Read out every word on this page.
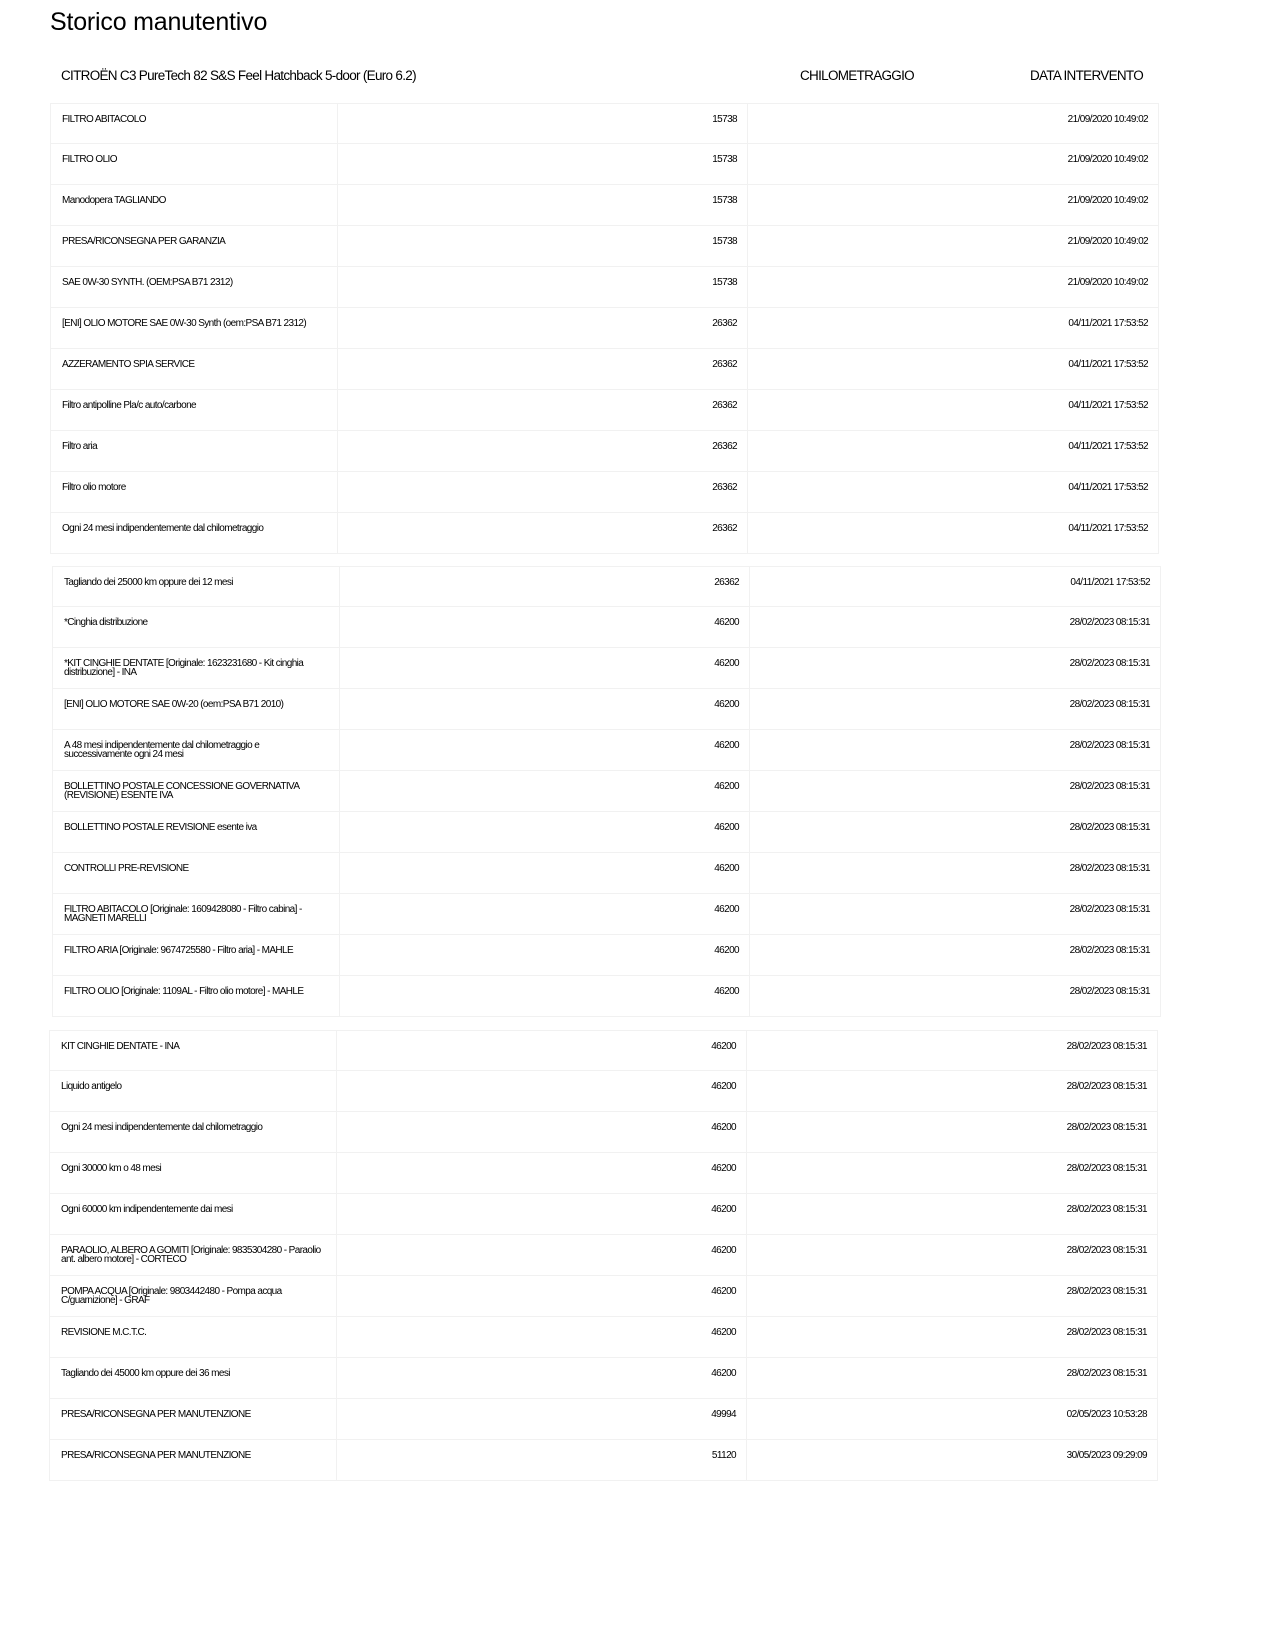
Storico manutentivo
CITROËN C3 PureTech 82 S&S Feel Hatchback 5-door (Euro 6.2)	CHILOMETRAGGIO	DATA INTERVENTO
FILTRO ABITACOLO	15738	21/09/2020 10:49:02
FILTRO OLIO	15738	21/09/2020 10:49:02
Manodopera TAGLIANDO	15738	21/09/2020 10:49:02
PRESA/RICONSEGNA PER GARANZIA	15738	21/09/2020 10:49:02
SAE 0W-30 SYNTH. (OEM:PSA B71 2312)	15738	21/09/2020 10:49:02
[ENI] OLIO MOTORE SAE 0W-30 Synth (oem:PSA B71 2312)	26362	04/11/2021 17:53:52
AZZERAMENTO SPIA SERVICE	26362	04/11/2021 17:53:52
Filtro antipolline Pla/c auto/carbone	26362	04/11/2021 17:53:52
Filtro aria	26362	04/11/2021 17:53:52
Filtro olio motore	26362	04/11/2021 17:53:52
Ogni 24 mesi indipendentemente dal chilometraggio	26362	04/11/2021 17:53:52
Tagliando dei 25000 km oppure dei 12 mesi	26362	04/11/2021 17:53:52
*Cinghia distribuzione	46200	28/02/2023 08:15:31
*KIT CINGHIE DENTATE [Originale: 1623231680 - Kit cinghia distribuzione] - INA
46200	28/02/2023 08:15:31
[ENI] OLIO MOTORE SAE 0W-20 (oem:PSA B71 2010)	46200	28/02/2023 08:15:31
A 48 mesi indipendentemente dal chilometraggio e successivamente ogni 24 mesi
46200	28/02/2023 08:15:31
BOLLETTINO POSTALE CONCESSIONE GOVERNATIVA (REVISIONE) ESENTE IVA
46200	28/02/2023 08:15:31
BOLLETTINO POSTALE REVISIONE esente iva	46200	28/02/2023 08:15:31
CONTROLLI PRE-REVISIONE	46200	28/02/2023 08:15:31
FILTRO ABITACOLO [Originale: 1609428080 - Filtro cabina] - MAGNETI MARELLI
46200	28/02/2023 08:15:31
FILTRO ARIA [Originale: 9674725580 - Filtro aria] - MAHLE	46200	28/02/2023 08:15:31
FILTRO OLIO [Originale: 1109AL - Filtro olio motore] - MAHLE	46200	28/02/2023 08:15:31
KIT CINGHIE DENTATE - INA	46200	28/02/2023 08:15:31
Liquido antigelo	46200	28/02/2023 08:15:31
Ogni 24 mesi indipendentemente dal chilometraggio	46200	28/02/2023 08:15:31
Ogni 30000 km o 48 mesi	46200	28/02/2023 08:15:31
Ogni 60000 km indipendentemente dai mesi	46200	28/02/2023 08:15:31
PARAOLIO, ALBERO A GOMITI [Originale: 9835304280 - Paraolio ant. albero motore] - CORTECO
46200	28/02/2023 08:15:31
POMPA ACQUA [Originale: 9803442480 - Pompa acqua C/guarnizione] - GRAF
46200	28/02/2023 08:15:31
REVISIONE M.C.T.C.	46200	28/02/2023 08:15:31
Tagliando dei 45000 km oppure dei 36 mesi	46200	28/02/2023 08:15:31
PRESA/RICONSEGNA PER MANUTENZIONE	49994	02/05/2023 10:53:28
PRESA/RICONSEGNA PER MANUTENZIONE	51120	30/05/2023 09:29:09
